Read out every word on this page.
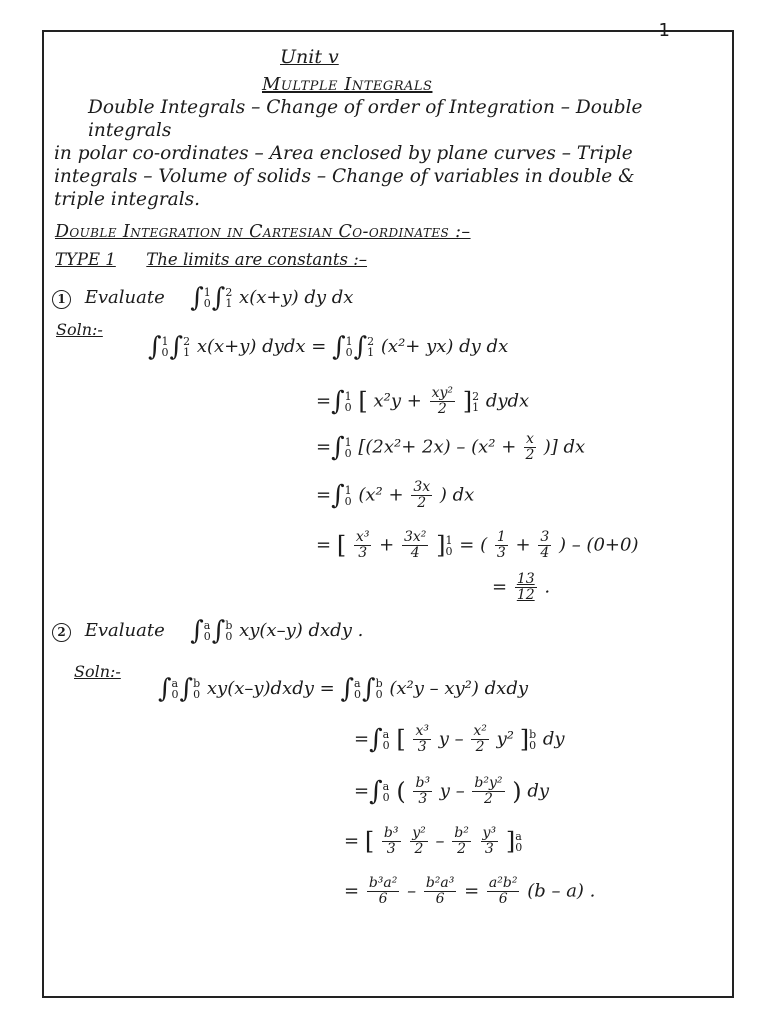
1
Unit v
Multple Integrals
Double Integrals – Change of order of Integration – Double integrals
in polar co-ordinates – Area enclosed by plane curves – Triple
integrals – Volume of solids – Change of variables in double &
triple integrals.
Double Integration in Cartesian Co-ordinates :–
TYPE 1 The limits are constants :–
1 Evaluate ∫ 1
0 ∫ 2
1 x(x+y) dy dx
Soln:-
∫ 1
0 ∫ 2
1 x(x+y) dydx = ∫ 1
0 ∫ 2
1 (x²+ yx) dy dx
=∫ 1
0 [ $x^2y + \frac{\text{xy²}}{2}$ ] 2
1 dydx
=∫ 1
0 [$(2x^2+ 2x) - (x^2 + \frac{x}{2}$ )] dx
=∫ 1
0 ($x^2 + \frac{3x}{2}$ ) dx
= [ $\frac{\text{x³}}{3} + \frac{\text{3x²}}{4}$ ] 1
0 = ( $\frac{1}{3} + \frac{3}{4}$ ) – (0+0)
= $\frac{13}{12}$ .
2 Evaluate ∫ a
0 ∫ b
0 xy(x–y) dxdy .
Soln:-
∫ a
0 ∫ b
0 xy(x–y)dxdy = ∫ a
0 ∫ b
0 (x²y – xy²) dxdy
=∫ a
0 [ $\frac{\text{x³}}{3}$ y – $\frac{\text{x²}}{2} y^2$ ] b
0 dy
=∫ a
0 ( $\frac{\text{b³}}{3}$ y – $\frac{\text{b²y²}}{2}$ ) dy
= [ $\frac{\text{b³}}{3}$
$\frac{\text{y²}}{2} - \frac{\text{b²}}{2}$
$\frac{\text{y³}}{3}$ ] a
0
= $\frac{\text{b³a²}}{6} - \frac{\text{b²a³}}{6} = \frac{\text{a²b²}}{6} (b - a)$ .
